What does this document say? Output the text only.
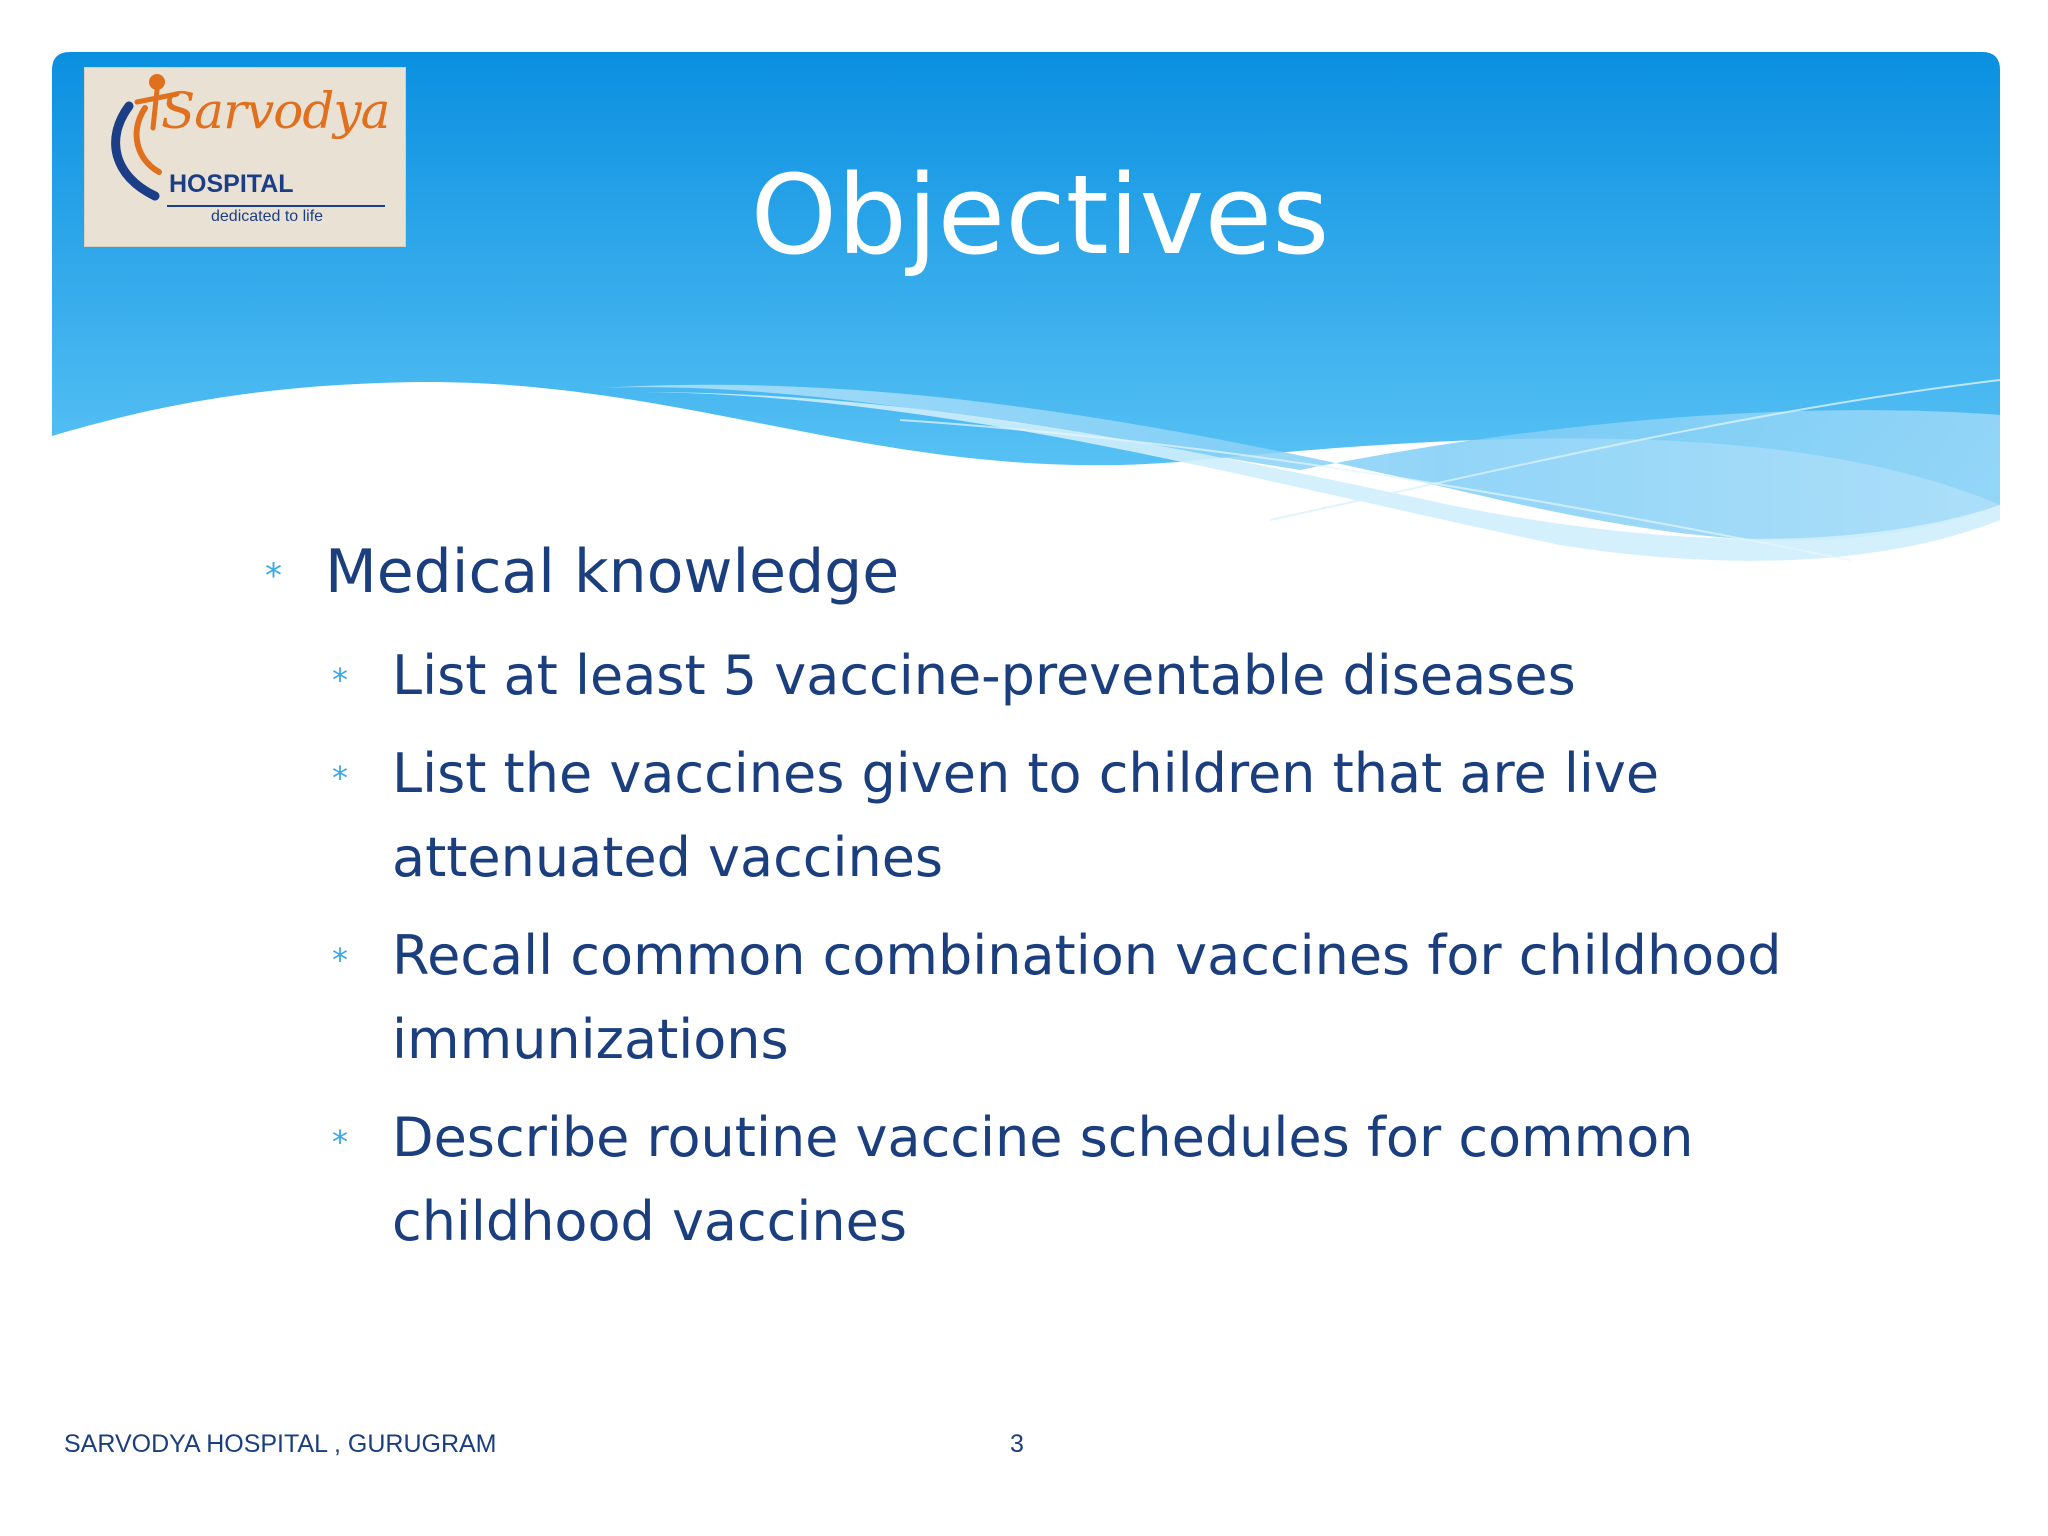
Sarvodya
HOSPITAL
dedicated to life	Objectives
* Medical knowledge
* List at least 5 vaccine-preventable diseases
* List the vaccines given to children that are live attenuated vaccines
* Recall common combination vaccines for childhood immunizations
* Describe routine vaccine schedules for common childhood vaccines
SARVODYA HOSPITAL , GURUGRAM	3
